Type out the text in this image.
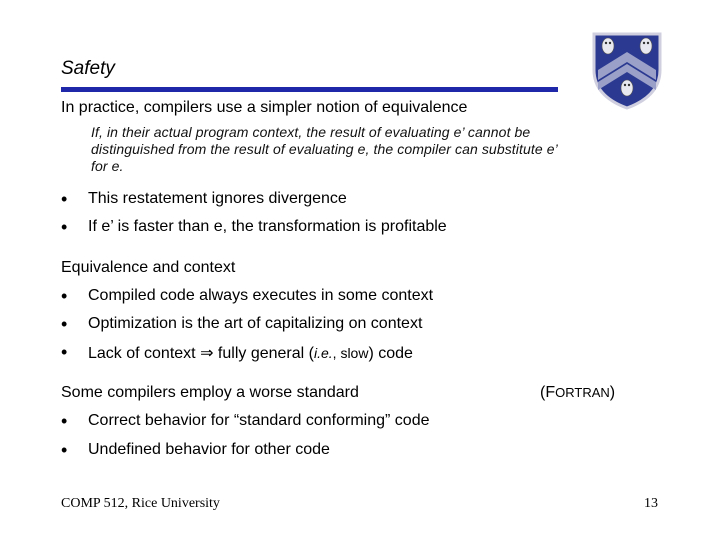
Safety
In practice, compilers use a simpler notion of equivalence
If, in their actual program context, the result of evaluating e’ cannot be
distinguished from the result of evaluating e, the compiler can substitute e’
for e.
• This restatement ignores divergence
• If e’ is faster than e, the transformation is profitable
Equivalence and context
• Compiled code always executes in some context
• Optimization is the art of capitalizing on context
• Lack of context ⇒ fully general (i.e., slow) code
Some compilers employ a worse standard	(FORTRAN)
• Correct behavior for “standard conforming” code
• Undefined behavior for other code
COMP 512, Rice University	13
